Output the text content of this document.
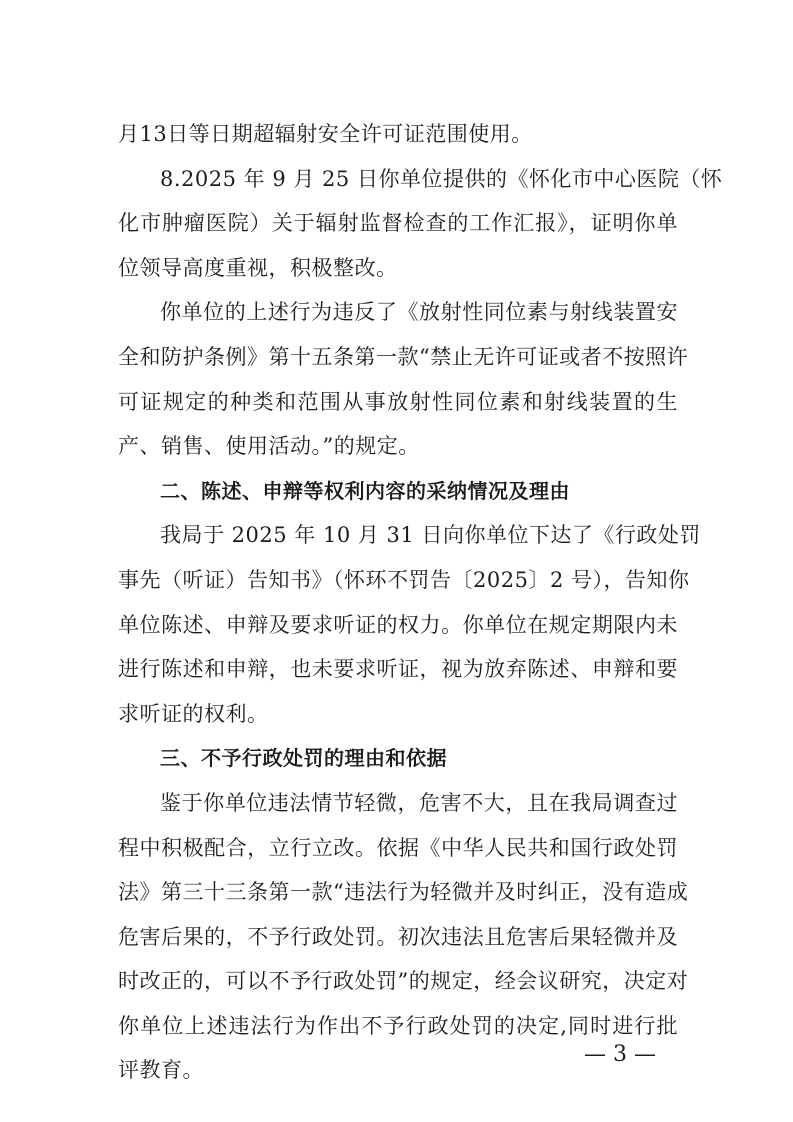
月13日等日期超辐射安全许可证范围使用。
8.2025 年 9 月 25 日你单位提供的《怀化市中心医院（怀
化市肿瘤医院）关于辐射监督检查的工作汇报》，证明你单
位领导高度重视，积极整改。
你单位的上述行为违反了《放射性同位素与射线装置安
全和防护条例》第十五条第一款“禁止无许可证或者不按照许
可证规定的种类和范围从事放射性同位素和射线装置的生
产、销售、使用活动。”的规定。
二、陈述、申辩等权利内容的采纳情况及理由
我局于 2025 年 10 月 31 日向你单位下达了《行政处罚
事先（听证）告知书》（怀环不罚告〔2025〕2 号），告知你
单位陈述、申辩及要求听证的权力。你单位在规定期限内未
进行陈述和申辩，也未要求听证，视为放弃陈述、申辩和要
求听证的权利。
三、不予行政处罚的理由和依据
鉴于你单位违法情节轻微，危害不大，且在我局调查过
程中积极配合，立行立改。依据《中华人民共和国行政处罚
法》第三十三条第一款“违法行为轻微并及时纠正，没有造成
危害后果的，不予行政处罚。初次违法且危害后果轻微并及
时改正的，可以不予行政处罚”的规定，经会议研究，决定对
你单位上述违法行为作出不予行政处罚的决定,同时进行批
评教育。
— 3 —
